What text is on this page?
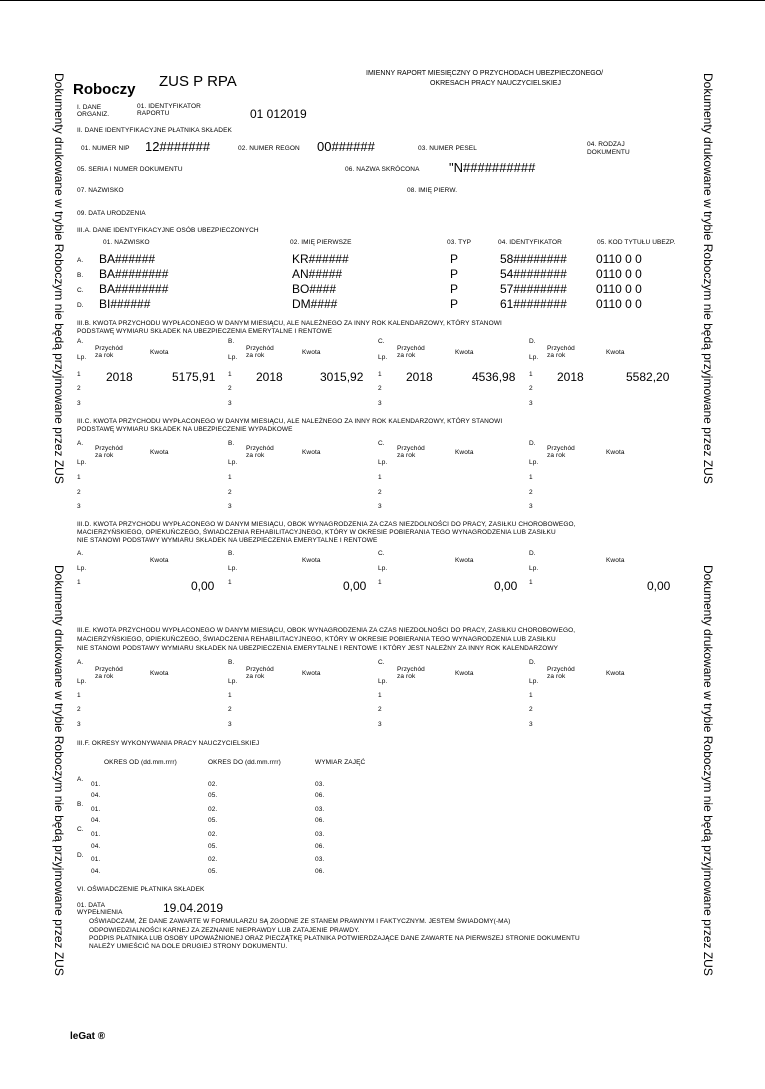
Dokumenty drukowane w trybie Roboczym nie będą przyjmowane przez ZUS
Dokumenty drukowane w trybie Roboczym nie będą przyjmowane przez ZUS
Dokumenty drukowane w trybie Roboczym nie będą przyjmowane przez ZUS
Dokumenty drukowane w trybie Roboczym nie będą przyjmowane przez ZUS
Roboczy ZUS P RPA	IMIENNY RAPORT MIESIĘCZNY O PRZYCHODACH UBEZPIECZONEGO/
OKRESACH PRACY NAUCZYCIELSKIEJ
I. DANE
ORGANIZ.
01. IDENTYFIKATOR
RAPORTU	01 012019
II. DANE IDENTYFIKACYJNE PŁATNIKA SKŁADEK
01. NUMER NIP 12#######	02. NUMER REGON 00######	03. NUMER PESEL
04. RODZAJ
DOKUMENTU
05. SERIA I NUMER DOKUMENTU	06. NAZWA SKRÓCONA "N##########
07. NAZWISKO	08. IMIĘ PIERW.
09. DATA URODZENIA
III.A. DANE IDENTYFIKACYJNE OSÓB UBEZPIECZONYCH
01. NAZWISKO	02. IMIĘ PIERWSZE	03. TYP	04. IDENTYFIKATOR	05. KOD TYTUŁU UBEZP.
A. BA######	KR######	P	58######## 0110 0 0
B. BA########	AN#####	P	54######## 0110 0 0
C. BA########	BO####	P	57######## 0110 0 0
D. BI######	DM####	P	61######## 0110 0 0
III.B. KWOTA PRZYCHODU WYPŁACONEGO W DANYM MIESIĄCU, ALE NALEŻNEGO ZA INNY ROK KALENDARZOWY, KTÓRY STANOWI
PODSTAWĘ WYMIARU SKŁADEK NA UBEZPIECZENIA EMERYTALNE I RENTOWE
A.
Przychód
za rok	Kwota
Lp.
1 2018	5175,91
2
3
B.
Przychód
za rok	Kwota
Lp.
1 2018	3015,92
2
3
C.
Przychód
za rok	Kwota
Lp.
1 2018	4536,98
2
3
D.
Przychód
za rok	Kwota
Lp.
1 2018	5582,20
2
3
III.C. KWOTA PRZYCHODU WYPŁACONEGO W DANYM MIESIĄCU, ALE NALEŻNEGO ZA INNY ROK KALENDARZOWY, KTÓRY STANOWI
PODSTAWĘ WYMIARU SKŁADEK NA UBEZPIECZENIE WYPADKOWE
A.
Przychód
za rok	Kwota
Lp.
1
2
3
B.
Przychód
za rok	Kwota
Lp.
1
2
3
C.
Przychód
za rok	Kwota
Lp.
1
2
3
D.
Przychód
za rok	Kwota
Lp.
1
2
3
III.D. KWOTA PRZYCHODU WYPŁACONEGO W DANYM MIESIĄCU, OBOK WYNAGRODZENIA ZA CZAS NIEZDOLNOŚCI DO PRACY, ZASIŁKU CHOROBOWEGO,
MACIERZYŃSKIEGO, OPIEKUŃCZEGO, ŚWIADCZENIA REHABILITACYJNEGO, KTÓRY W OKRESIE POBIERANIA TEGO WYNAGRODZENIA LUB ZASIŁKU
NIE STANOWI PODSTAWY WYMIARU SKŁADEK NA UBEZPIECZENIA EMERYTALNE I RENTOWE
A.
Kwota
Lp.
1	0,00
B.
Kwota
Lp.
1	0,00
C.
Kwota
Lp.
1	0,00
D.
Kwota
Lp.
1	0,00
III.E. KWOTA PRZYCHODU WYPŁACONEGO W DANYM MIESIĄCU, OBOK WYNAGRODZENIA ZA CZAS NIEZDOLNOŚCI DO PRACY, ZASIŁKU CHOROBOWEGO,
MACIERZYŃSKIEGO, OPIEKUŃCZEGO, ŚWIADCZENIA REHABILITACYJNEGO, KTÓRY W OKRESIE POBIERANIA TEGO WYNAGRODZENIA LUB ZASIŁKU
NIE STANOWI PODSTAWY WYMIARU SKŁADEK NA UBEZPIECZENIA EMERYTALNE I RENTOWE I KTÓRY JEST NALEŻNY ZA INNY ROK KALENDARZOWY
A.
Przychód
za rok	Kwota
Lp.
1
2
3
B.
Przychód
za rok	Kwota
Lp.
1
2
3
C.
Przychód
za rok	Kwota
Lp.
1
2
3
D.
Przychód
za rok	Kwota
Lp.
1
2
3
III.F. OKRESY WYKONYWANIA PRACY NAUCZYCIELSKIEJ
OKRES OD (dd.mm.rrrr)	OKRES DO (dd.mm.rrrr)	WYMIAR ZAJĘĆ
A.
01.	02.	03.
04.	05.	06.
B.
01.	02.	03.
04.	05.	06.
C.
01.	02.	03.
04.	05.	06.
D.
01.	02.	03.
04.	05.	06.
VI. OŚWIADCZENIE PŁATNIKA SKŁADEK
01. DATA
WYPEŁNIENIA	19.04.2019
OŚWIADCZAM, ŻE DANE ZAWARTE W FORMULARZU SĄ ZGODNE ZE STANEM PRAWNYM I FAKTYCZNYM. JESTEM ŚWIADOMY(-MA)
ODPOWIEDZIALNOŚCI KARNEJ ZA ZEZNANIE NIEPRAWDY LUB ZATAJENIE PRAWDY.
PODPIS PŁATNIKA LUB OSOBY UPOWAŻNIONEJ ORAZ PIECZĄTKĘ PŁATNIKA POTWIERDZAJĄCE DANE ZAWARTE NA PIERWSZEJ STRONIE DOKUMENTU
NALEŻY UMIEŚCIĆ NA DOLE DRUGIEJ STRONY DOKUMENTU.
leGat ®
